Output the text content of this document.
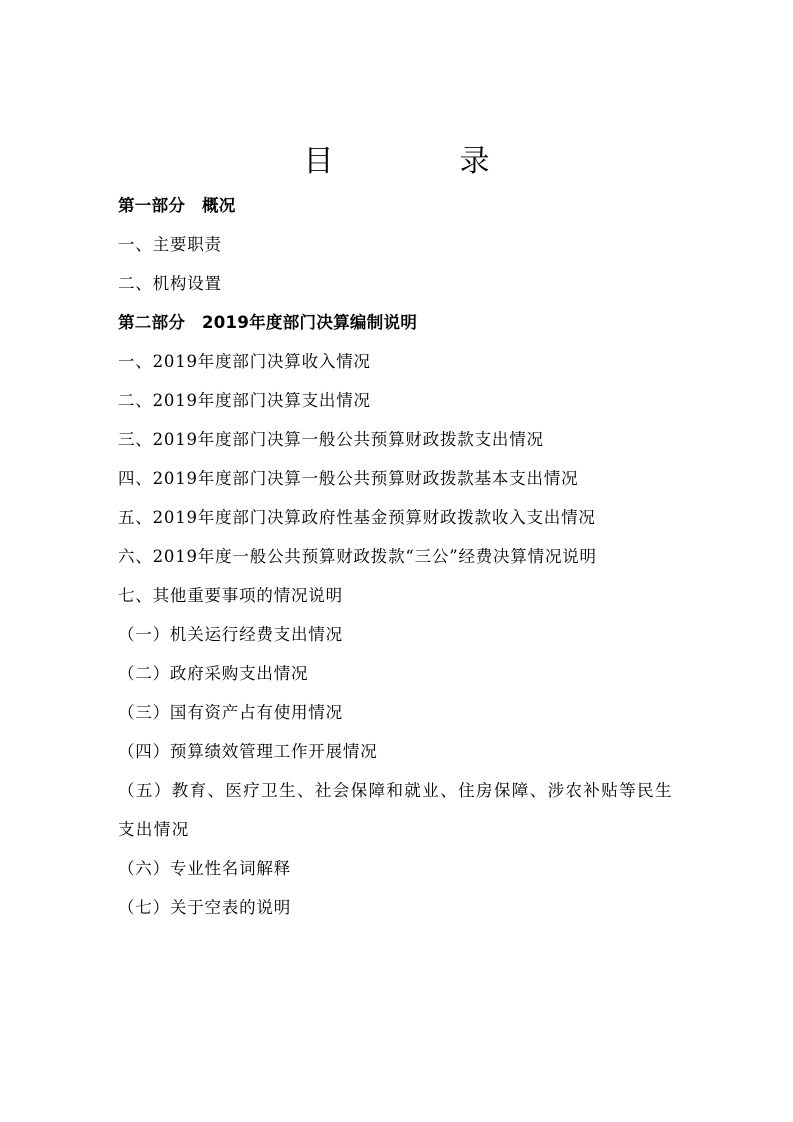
目　录
第一部分　概况
一、主要职责
二、机构设置
第二部分　2019年度部门决算编制说明
一、2019年度部门决算收入情况
二、2019年度部门决算支出情况
三、2019年度部门决算一般公共预算财政拨款支出情况
四、2019年度部门决算一般公共预算财政拨款基本支出情况
五、2019年度部门决算政府性基金预算财政拨款收入支出情况
六、2019年度一般公共预算财政拨款“三公”经费决算情况说明
七、其他重要事项的情况说明
（一）机关运行经费支出情况
（二）政府采购支出情况
（三）国有资产占有使用情况
（四）预算绩效管理工作开展情况
（五）教育、医疗卫生、社会保障和就业、住房保障、涉农补贴等民生支出情况
（六）专业性名词解释
（七）关于空表的说明
